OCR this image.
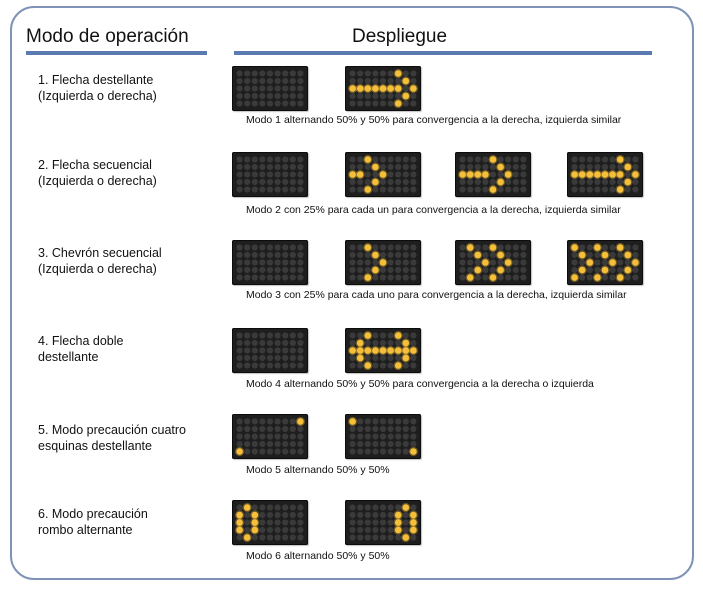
Modo de operación	Despliegue
1. Flecha destellante
(Izquierda o derecha)
Modo 1 alternando 50% y 50% para convergencia a la derecha, izquierda similar
2. Flecha secuencial
(Izquierda o derecha)
Modo 2 con 25% para cada un para convergencia a la derecha, izquierda similar
3. Chevrón secuencial
(Izquierda o derecha)
Modo 3 con 25% para cada uno para convergencia a la derecha, izquierda similar
4. Flecha doble
destellante
Modo 4 alternando 50% y 50% para convergencia a la derecha o izquierda
5. Modo precaución cuatro
esquinas destellante
Modo 5 alternando 50% y 50%
6. Modo precaución
rombo alternante
Modo 6 alternando 50% y 50%
